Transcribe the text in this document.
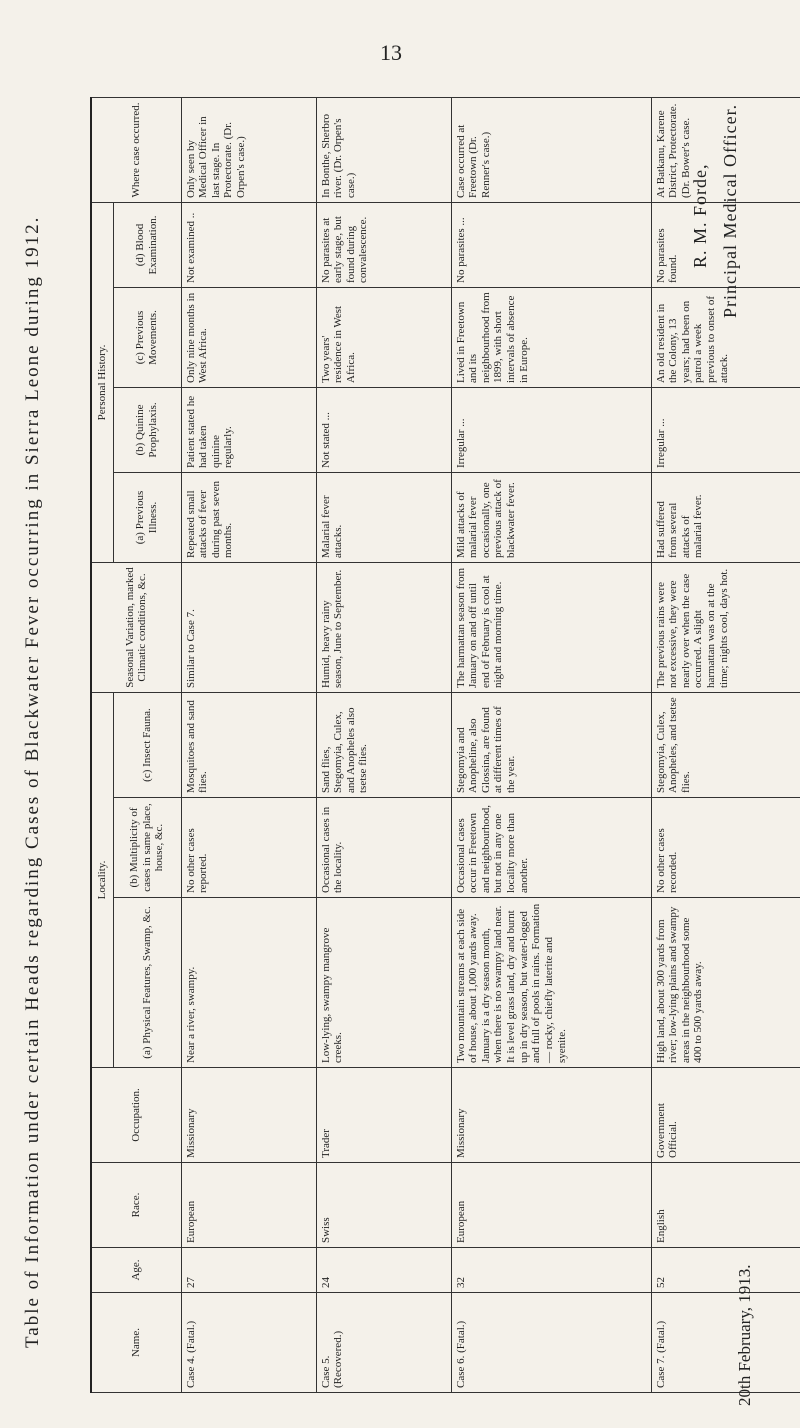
13
Table of Information under certain Heads regarding Cases of Blackwater Fever occurring in Sierra Leone during 1912.	Name.	Age.	Race.	Occupation.	Locality.			Seasonal Variation, marked Climatic conditions, &c.	Personal History.				Where case occurred.
				(a) Physical Features, Swamp, &c.	(b) Multiplicity of cases in same place, house, &c.	(c) Insect Fauna.		(a) Previous Illness.	(b) Quinine Prophylaxis.	(c) Previous Movements.	(d) Blood Examination.	
Case 4. (Fatal.)	27	European	Missionary	Near a river, swampy.	No other cases reported.	Mosquitoes and sand flies.	Similar to Case 7.	Repeated small attacks of fever during past seven months.	Patient stated he had taken quinine regularly.	Only nine months in West Africa.	Not examined ..	Only seen by Medical Officer in last stage. In Protectorate. (Dr. Orpen's case.)
Case 5. (Recovered.)	24	Swiss	Trader	Low-lying, swampy mangrove creeks.	Occasional cases in the locality.	Sand flies, Stegomyia, Culex, and Anopheles also tsetse flies.	Humid, heavy rainy season, June to September.	Malarial fever attacks.	Not stated ...	Two years' residence in West Africa.	No parasites at early stage, but found during convalescence.	In Bonthe, Sherbro river. (Dr. Orpen's case.)
Case 6. (Fatal.)	32	European	Missionary	Two mountain streams at each side of house, about 1,000 yards away. January is a dry season month, when there is no swampy land near. It is level grass land, dry and burnt up in dry season, but water-logged and full of pools in rains. Formation — rocky, chiefly laterite and syenite.	Occasional cases occur in Freetown and neighbourhood, but not in any one locality more than another.	Stegomyia and Anopheline, also Glossina, are found at different times of the year.	The harmattan season from January on and off until end of February is cool at night and morning time.	Mild attacks of malarial fever occasionally, one previous attack of blackwater fever.	Irregular ...	Lived in Freetown and its neighbourhood from 1899, with short intervals of absence in Europe.	No parasites ...	Case occurred at Freetown (Dr. Renner's case.)
Case 7. (Fatal.)	52	English	Government Official.	High land, about 300 yards from river; low-lying plains and swampy areas in the neighbourhood some 400 to 500 yards away.	No other cases recorded.	Stegomyia, Culex, Anopheles, and tsetse flies.	The previous rains were not excessive, they were nearly over when the case occurred. A slight harmattan was on at the time; nights cool, days hot.	Had suffered from several attacks of malarial fever.	Irregular ...	An old resident in the Colony, 13 years; had been on patrol a week previous to onset of attack.	No parasites found.	At Batkanu, Karene District, Protectorate. (Dr. Bower's case.
20th February, 1913.
R. M. Forde, Principal Medical Officer.
